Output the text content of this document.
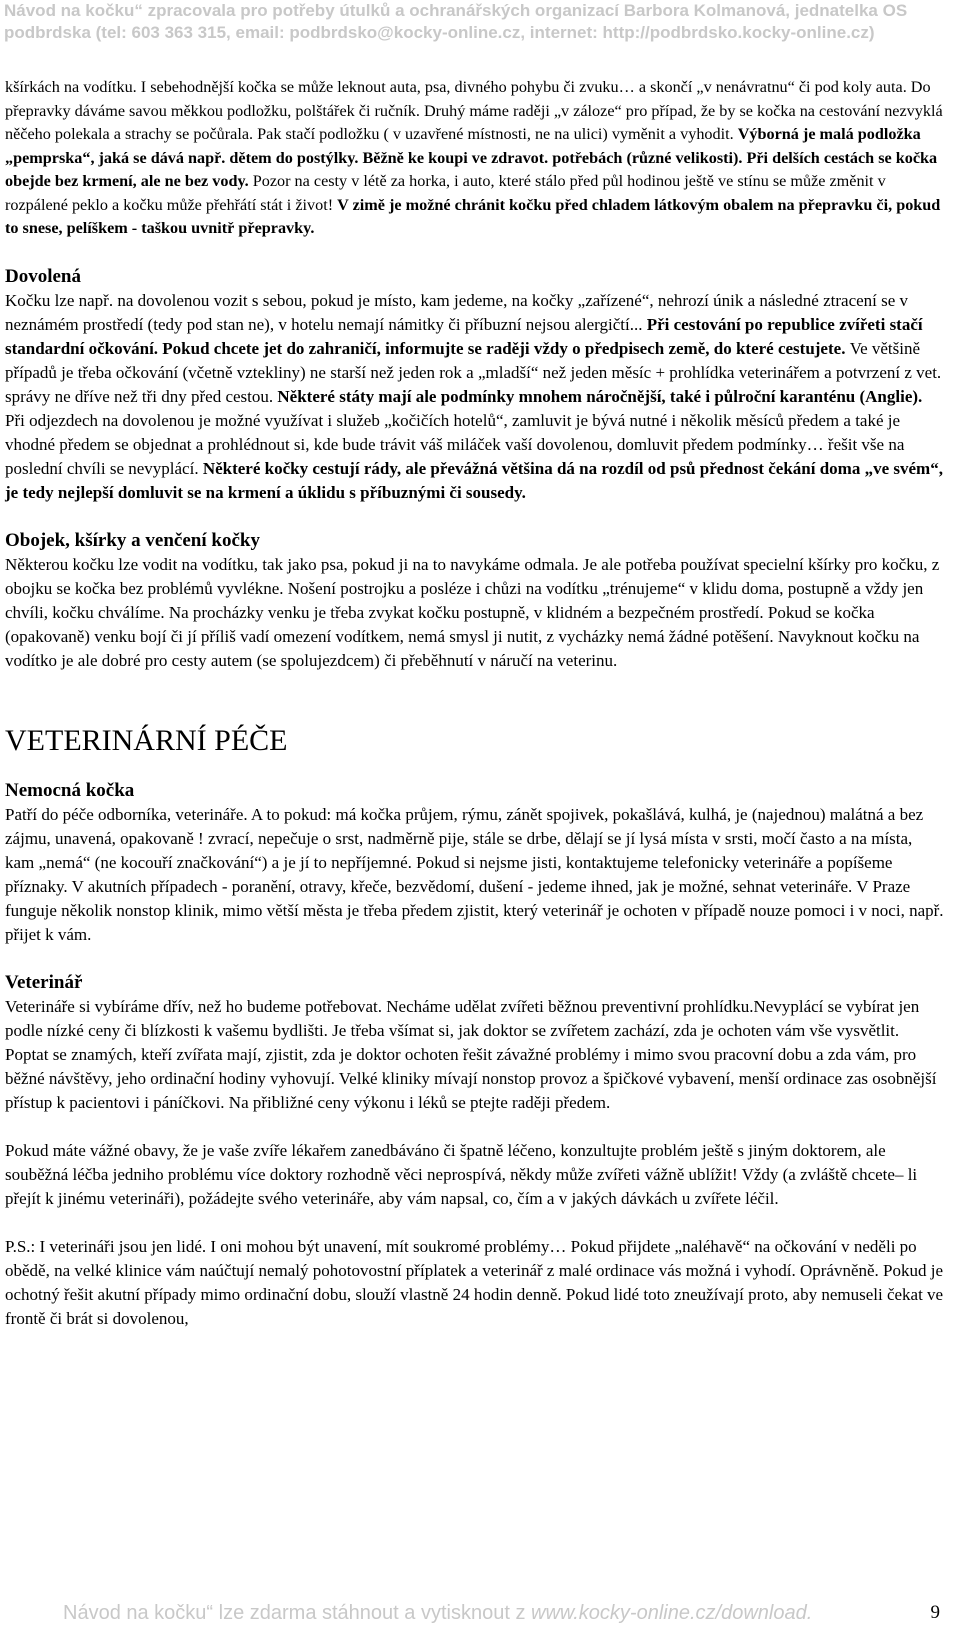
Návod na kočku“ zpracovala pro potřeby útulků a ochranářských organizací Barbora Kolmanová, jednatelka OS
podbrdska (tel: 603 363 315, email: podbrdsko@kocky-online.cz, internet: http://podbrdsko.kocky-online.cz)

kšírkách na vodítku. I sebehodnější kočka se může leknout auta, psa, divného pohybu či zvuku… a skončí „v nenávratnu“ či pod koly auta. Do přepravky dáváme savou měkkou podložku, polštářek či ručník. Druhý máme raději „v záloze“ pro případ, že by se kočka na cestování nezvyklá něčeho polekala a strachy se počůrala. Pak stačí podložku ( v uzavřené místnosti, ne na ulici) vyměnit a vyhodit. Výborná je malá podložka „pemprska“, jaká se dává např. dětem do postýlky. Běžně ke koupi ve zdravot. potřebách (různé velikosti). Při delších cestách se kočka obejde bez krmení, ale ne bez vody. Pozor na cesty v létě za horka, i auto, které stálo před půl hodinou ještě ve stínu se může změnit v rozpálené peklo a kočku může přehřátí stát i život! V zimě je možné chránit kočku před chladem látkovým obalem na přepravku či, pokud to snese, pelíškem - taškou uvnitř přepravky.

Dovolená

Kočku lze např. na dovolenou vozit s sebou, pokud je místo, kam jedeme, na kočky „zařízené“, nehrozí únik a následné ztracení se v neznámém prostředí (tedy pod stan ne), v hotelu nemají námitky či příbuzní nejsou alergičtí... Při cestování po republice zvířeti stačí standardní očkování. Pokud chcete jet do zahraničí, informujte se raději vždy o předpisech země, do které cestujete. Ve většině případů je třeba očkování (včetně vztekliny) ne starší než jeden rok a „mladší“ než jeden měsíc + prohlídka veterinářem a potvrzení z vet. správy ne dříve než tři dny před cestou. Některé státy mají ale podmínky mnohem náročnější, také i půlroční karanténu (Anglie). Při odjezdech na dovolenou je možné využívat i služeb „kočičích hotelů“, zamluvit je bývá nutné i několik měsíců předem a také je vhodné předem se objednat a prohlédnout si, kde bude trávit váš miláček vaší dovolenou, domluvit předem podmínky… řešit vše na poslední chvíli se nevyplácí. Některé kočky cestují rády, ale převážná většina dá na rozdíl od psů přednost čekání doma „ve svém“, je tedy nejlepší domluvit se na krmení a úklidu s příbuznými či sousedy.

Obojek, kšírky a venčení kočky

Některou kočku lze vodit na vodítku, tak jako psa, pokud ji na to navykáme odmala. Je ale potřeba používat specielní kšírky pro kočku, z obojku se kočka bez problémů vyvlékne. Nošení postrojku a posléze i chůzi na vodítku „trénujeme“ v klidu doma, postupně a vždy jen chvíli, kočku chválíme. Na procházky venku je třeba zvykat kočku postupně, v klidném a bezpečném prostředí. Pokud se kočka (opakovaně) venku bojí či jí příliš vadí omezení vodítkem, nemá smysl ji nutit, z vycházky nemá žádné potěšení. Navyknout kočku na vodítko je ale dobré pro cesty autem (se spolujezdcem) či přeběhnutí v náručí na veterinu.

VETERINÁRNÍ PÉČE
Nemocná kočka

Patří do péče odborníka, veterináře. A to pokud: má kočka průjem, rýmu, zánět spojivek, pokašlává, kulhá, je (najednou) malátná a bez zájmu, unavená, opakovaně ! zvrací, nepečuje o srst, nadměrně pije, stále se drbe, dělají se jí lysá místa v srsti, močí často a na místa, kam „nemá“ (ne kocouří značkování“) a je jí to nepříjemné. Pokud si nejsme jisti, kontaktujeme telefonicky veterináře a popíšeme příznaky. V akutních případech - poranění, otravy, křeče, bezvědomí, dušení - jedeme ihned, jak je možné, sehnat veterináře. V Praze funguje několik nonstop klinik, mimo větší města je třeba předem zjistit, který veterinář je ochoten v případě nouze pomoci i v noci, např. přijet k vám.

Veterinář

Veterináře si vybíráme dřív, než ho budeme potřebovat. Necháme udělat zvířeti běžnou preventivní prohlídku.Nevyplácí se vybírat jen podle nízké ceny či blízkosti k vašemu bydlišti. Je třeba všímat si, jak doktor se zvířetem zachází, zda je ochoten vám vše vysvětlit. Poptat se znamých, kteří zvířata mají, zjistit, zda je doktor ochoten řešit závažné problémy i mimo svou pracovní dobu a zda vám, pro běžné návštěvy, jeho ordinační hodiny vyhovují. Velké kliniky mívají nonstop provoz a špičkové vybavení, menší ordinace zas osobnější přístup k pacientovi i páníčkovi. Na přibližné ceny výkonu i léků se ptejte raději předem.

Pokud máte vážné obavy, že je vaše zvíře lékařem zanedbáváno či špatně léčeno, konzultujte problém ještě s jiným doktorem, ale souběžná léčba jedniho problému více doktory rozhodně věci neprospívá, někdy může zvířeti vážně ublížit! Vždy (a zvláště chcete– li přejít k jinému veterináři), požádejte svého veterináře, aby vám napsal, co, čím a v jakých dávkách u zvířete léčil.

P.S.: I veterináři jsou jen lidé. I oni mohou být unavení, mít soukromé problémy… Pokud přijdete „naléhavě“ na očkování v neděli po obědě, na velké klinice vám naúčtují nemalý pohotovostní příplatek a veterinář z malé ordinace vás možná i vyhodí. Oprávněně. Pokud je ochotný řešit akutní případy mimo ordinační dobu, slouží vlastně 24 hodin denně. Pokud lidé toto zneužívají proto, aby nemuseli čekat ve frontě či brát si dovolenou,

Návod na kočku“ lze zdarma stáhnout a vytisknout z www.kocky-online.cz/download.	9
